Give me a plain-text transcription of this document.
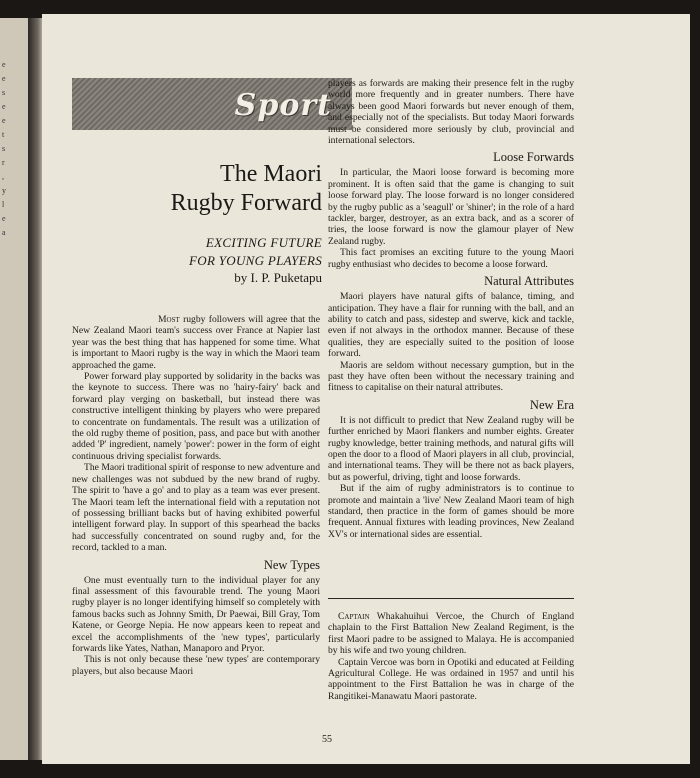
e
e
s
e
e
t
s
r
,
y
l
e
a
Sport
The Maori
Rugby Forward
EXCITING FUTURE
FOR YOUNG PLAYERS
by I. P. Puketapu

Most rugby followers will agree that the New Zealand Maori team's success over France at Napier last year was the best thing that has happened for some time. What is important to Maori rugby is the way in which the Maori team approached the game.

Power forward play supported by solidarity in the backs was the keynote to success. There was no 'hairy-fairy' back and forward play verging on basketball, but instead there was constructive intelligent thinking by players who were prepared to concentrate on fundamentals. The result was a utilization of the old rugby theme of position, pass, and pace but with another added 'P' ingredient, namely 'power': power in the form of eight continuous driving specialist forwards.

The Maori traditional spirit of response to new adventure and new challenges was not subdued by the new brand of rugby. The spirit to 'have a go' and to play as a team was ever present. The Maori team left the international field with a reputation not of possessing brilliant backs but of having exhibited powerful intelligent forward play. In support of this spearhead the backs had successfully concentrated on sound rugby and, for the record, tackled to a man.

New Types

One must eventually turn to the individual player for any final assessment of this favourable trend. The young Maori rugby player is no longer identifying himself so completely with famous backs such as Johnny Smith, Dr Paewai, Bill Gray, Tom Katene, or George Nepia. He now appears keen to repeat and excel the accomplishments of the 'new types', particularly forwards like Yates, Nathan, Manaporo and Pryor.

This is not only because these 'new types' are contemporary players, but also because Maori

players as forwards are making their presence felt in the rugby world more frequently and in greater numbers. There have always been good Maori forwards but never enough of them, and especially not of the specialists. But today Maori forwards must be considered more seriously by club, provincial and international selectors.

Loose Forwards

In particular, the Maori loose forward is becoming more prominent. It is often said that the game is changing to suit loose forward play. The loose forward is no longer considered by the rugby public as a 'seagull' or 'shiner'; in the role of a hard tackler, barger, destroyer, as an extra back, and as a scorer of tries, the loose forward is now the glamour player of New Zealand rugby.

This fact promises an exciting future to the young Maori rugby enthusiast who decides to become a loose forward.

Natural Attributes

Maori players have natural gifts of balance, timing, and anticipation. They have a flair for running with the ball, and an ability to catch and pass, sidestep and swerve, kick and tackle, even if not always in the orthodox manner. Because of these qualities, they are especially suited to the position of loose forward.

Maoris are seldom without necessary gumption, but in the past they have often been without the necessary training and fitness to capitalise on their natural attributes.

New Era

It is not difficult to predict that New Zealand rugby will be further enriched by Maori flankers and number eights. Greater rugby knowledge, better training methods, and natural gifts will open the door to a flood of Maori players in all club, provincial, and international teams. They will be there not as back players, but as powerful, driving, tight and loose forwards.

But if the aim of rugby administrators is to continue to promote and maintain a 'live' New Zealand Maori team of high standard, then practice in the form of games should be more frequent. Annual fixtures with leading provinces, New Zealand XV's or international sides are essential.

Captain Whakahuihui Vercoe, the Church of England chaplain to the First Battalion New Zealand Regiment, is the first Maori padre to be assigned to Malaya. He is accompanied by his wife and two young children.

Captain Vercoe was born in Opotiki and educated at Feilding Agricultural College. He was ordained in 1957 and until his appointment to the First Battalion he was in charge of the Rangitikei-Manawatu Maori pastorate.

55
